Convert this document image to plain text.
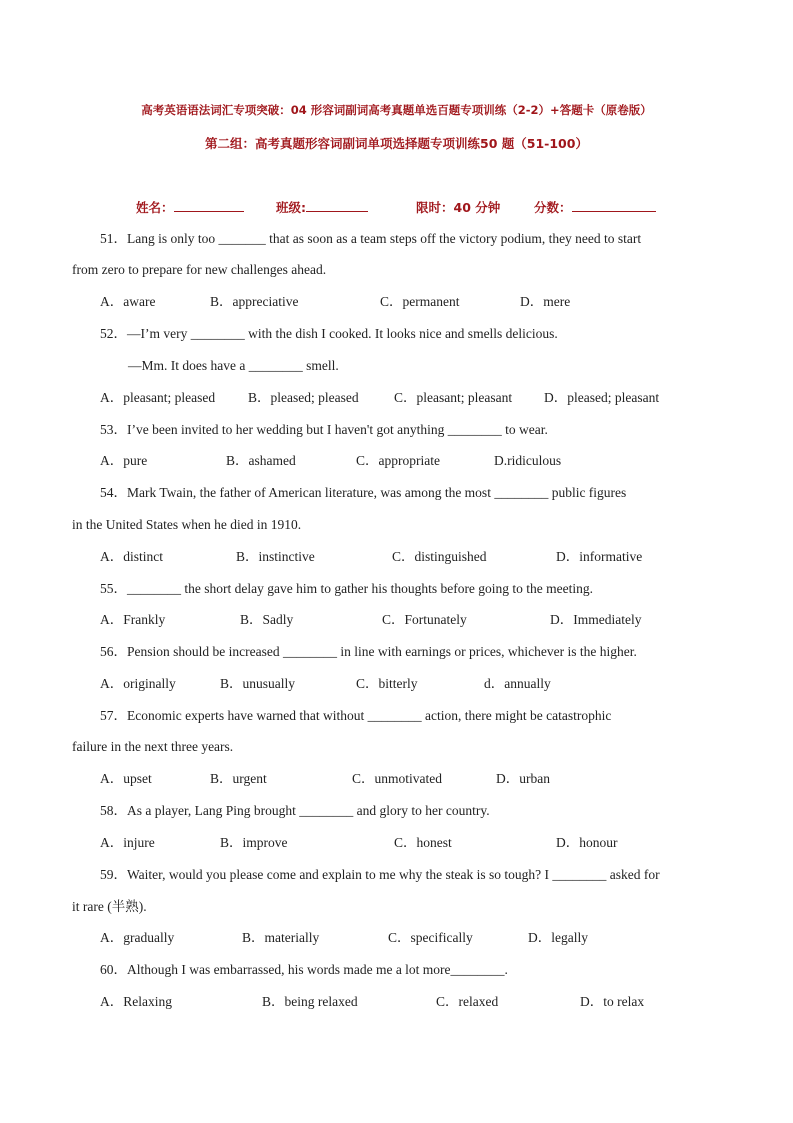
高考英语语法词汇专项突破：04 形容词副词高考真题单选百题专项训练（2-2）+答题卡（原卷版）
第二组：高考真题形容词副词单项选择题专项训练50 题（51-100）
姓名：	班级:	限时：40 分钟	分数：
51．Lang is only too _______ that as soon as a team steps off the victory podium, they need to start
from zero to prepare for new challenges ahead.
A．aware	B．appreciative	C．permanent	D．mere
52．—I’m very ________ with the dish I cooked. It looks nice and smells delicious.
—Mm. It does have a ________ smell.
A．pleasant; pleased B．pleased; pleased	C．pleasant; pleasant D．pleased; pleasant
53．I’ve been invited to her wedding but I haven't got anything ________ to wear.
A．pure	B．ashamed	C．appropriate	D.ridiculous
54．Mark Twain, the father of American literature, was among the most ________ public figures
in the United States when he died in 1910.
A．distinct	B．instinctive	C．distinguished	D．informative
55．________ the short delay gave him to gather his thoughts before going to the meeting.
A．Frankly	B．Sadly	C．Fortunately	D．Immediately
56．Pension should be increased ________ in line with earnings or prices, whichever is the higher.
A．originally	B．unusually	C．bitterly	d．annually
57．Economic experts have warned that without ________ action, there might be catastrophic
failure in the next three years.
A．upset	B．urgent	C．unmotivated	D．urban
58．As a player, Lang Ping brought ________ and glory to her country.
A．injure	B．improve	C．honest	D．honour
59．Waiter, would you please come and explain to me why the steak is so tough? I ________ asked for
it rare (半熟).
A．gradually	B．materially	C．specifically	D．legally
60．Although I was embarrassed, his words made me a lot more________.
A．Relaxing	B．being relaxed	C．relaxed	D．to relax
